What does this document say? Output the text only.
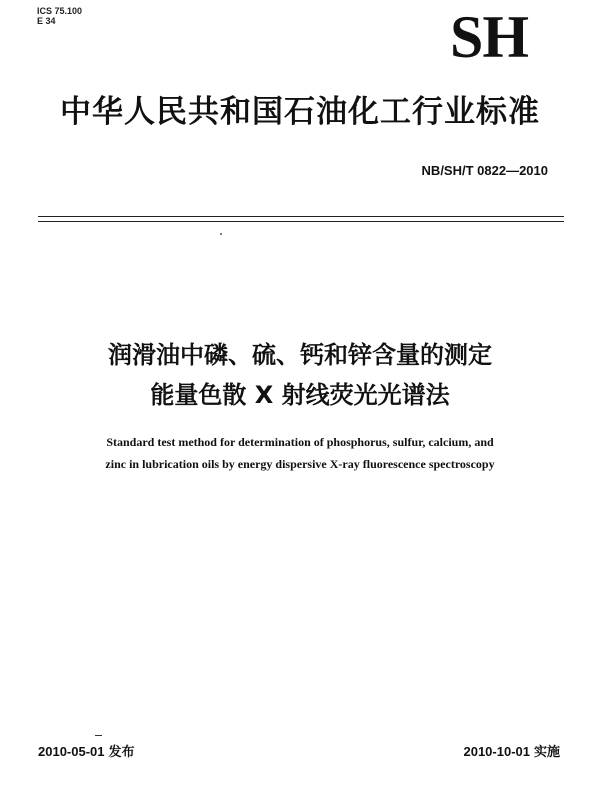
ICS 75.100
E 34	SH
中华人民共和国石油化工行业标准
NB/SH/T 0822—2010
润滑油中磷、硫、钙和锌含量的测定
能量色散 X 射线荧光光谱法
Standard test method for determination of phosphorus, sulfur, calcium, and
zinc in lubrication oils by energy dispersive X-ray fluorescence spectroscopy
2010-05-01 发布	2010-10-01 实施
